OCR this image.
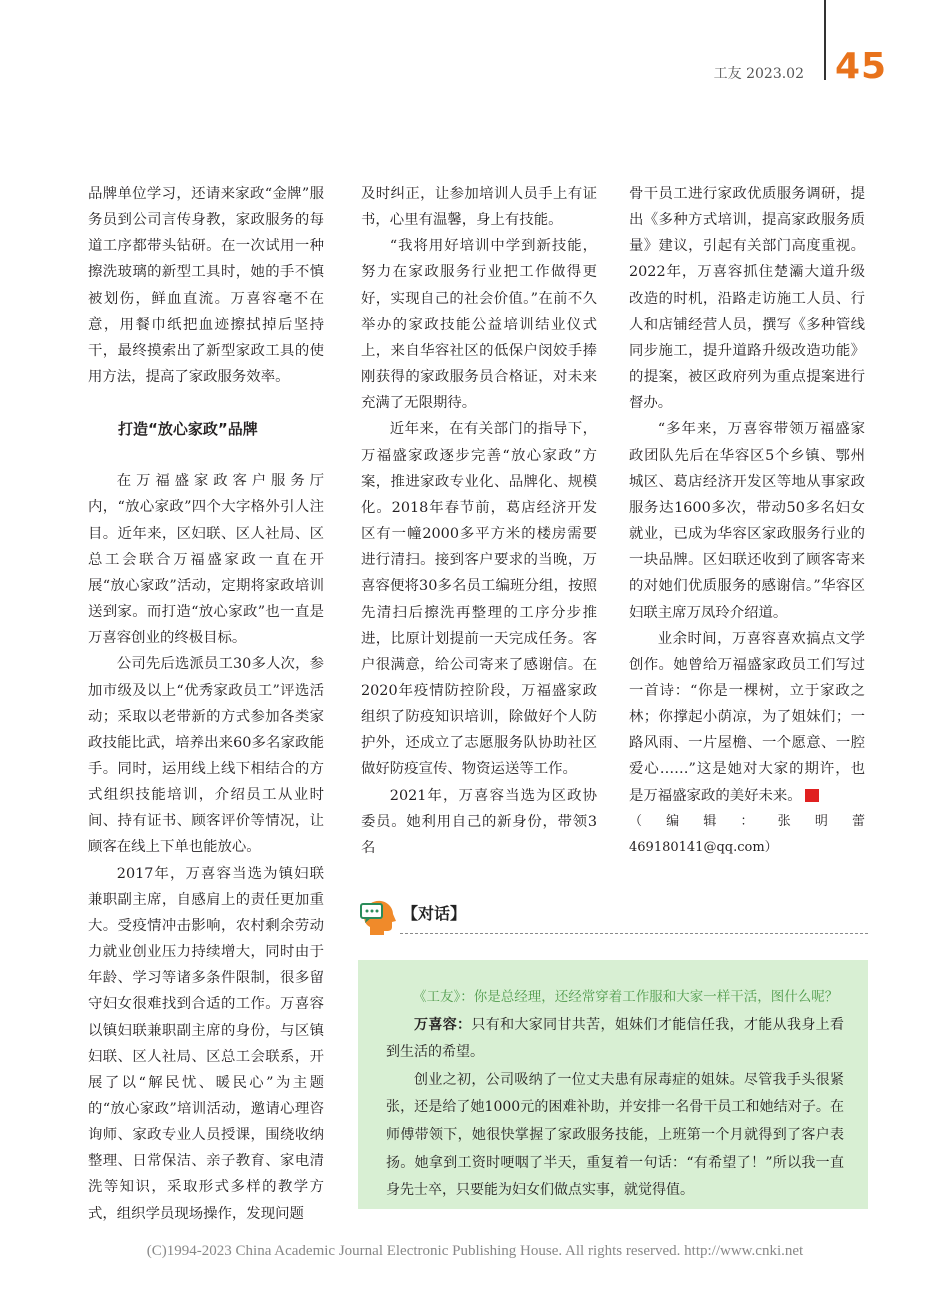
工友 2023.02 45

品牌单位学习，还请来家政“金牌”服务员到公司言传身教，家政服务的每道工序都带头钻研。在一次试用一种擦洗玻璃的新型工具时，她的手不慎被划伤，鲜血直流。万喜容毫不在意，用餐巾纸把血迹擦拭掉后坚持干，最终摸索出了新型家政工具的使用方法，提高了家政服务效率。

打造“放心家政”品牌

在万福盛家政客户服务厅内，“放心家政”四个大字格外引人注目。近年来，区妇联、区人社局、区总工会联合万福盛家政一直在开展“放心家政”活动，定期将家政培训送到家。而打造“放心家政”也一直是万喜容创业的终极目标。

公司先后选派员工30多人次，参加市级及以上“优秀家政员工”评选活动；采取以老带新的方式参加各类家政技能比武，培养出来60多名家政能手。同时，运用线上线下相结合的方式组织技能培训，介绍员工从业时间、持有证书、顾客评价等情况，让顾客在线上下单也能放心。

2017年，万喜容当选为镇妇联兼职副主席，自感肩上的责任更加重大。受疫情冲击影响，农村剩余劳动力就业创业压力持续增大，同时由于年龄、学习等诸多条件限制，很多留守妇女很难找到合适的工作。万喜容以镇妇联兼职副主席的身份，与区镇妇联、区人社局、区总工会联系，开展了以“解民忧、暖民心”为主题的“放心家政”培训活动，邀请心理咨询师、家政专业人员授课，围绕收纳整理、日常保洁、亲子教育、家电清洗等知识，采取形式多样的教学方式，组织学员现场操作，发现问题

及时纠正，让参加培训人员手上有证书，心里有温馨，身上有技能。

“我将用好培训中学到新技能，努力在家政服务行业把工作做得更好，实现自己的社会价值。”在前不久举办的家政技能公益培训结业仪式上，来自华容社区的低保户闵姣手捧刚获得的家政服务员合格证，对未来充满了无限期待。

近年来，在有关部门的指导下，万福盛家政逐步完善“放心家政”方案，推进家政专业化、品牌化、规模化。2018年春节前，葛店经济开发区有一幢2000多平方米的楼房需要进行清扫。接到客户要求的当晚，万喜容便将30多名员工编班分组，按照先清扫后擦洗再整理的工序分步推进，比原计划提前一天完成任务。客户很满意，给公司寄来了感谢信。在2020年疫情防控阶段，万福盛家政组织了防疫知识培训，除做好个人防护外，还成立了志愿服务队协助社区做好防疫宣传、物资运送等工作。

2021年，万喜容当选为区政协委员。她利用自己的新身份，带领3名

骨干员工进行家政优质服务调研，提出《多种方式培训，提高家政服务质量》建议，引起有关部门高度重视。2022年，万喜容抓住楚灞大道升级改造的时机，沿路走访施工人员、行人和店铺经营人员，撰写《多种管线同步施工，提升道路升级改造功能》的提案，被区政府列为重点提案进行督办。

“多年来，万喜容带领万福盛家政团队先后在华容区5个乡镇、鄂州城区、葛店经济开发区等地从事家政服务达1600多次，带动50多名妇女就业，已成为华容区家政服务行业的一块品牌。区妇联还收到了顾客寄来的对她们优质服务的感谢信。”华容区妇联主席万凤玲介绍道。

业余时间，万喜容喜欢搞点文学创作。她曾给万福盛家政员工们写过一首诗：“你是一棵树，立于家政之林；你撑起小荫凉，为了姐妹们；一路风雨、一片屋檐、一个愿意、一腔爱心……”这是她对大家的期许，也是万福盛家政的美好未来。	Z

（编辑：张明蕾 469180141@qq.com）

【对话】

《工友》：你是总经理，还经常穿着工作服和大家一样干活，图什么呢？

万喜容：只有和大家同甘共苦，姐妹们才能信任我，才能从我身上看到生活的希望。

创业之初，公司吸纳了一位丈夫患有尿毒症的姐妹。尽管我手头很紧张，还是给了她1000元的困难补助，并安排一名骨干员工和她结对子。在师傅带领下，她很快掌握了家政服务技能，上班第一个月就得到了客户表扬。她拿到工资时哽咽了半天，重复着一句话：“有希望了！”所以我一直身先士卒，只要能为妇女们做点实事，就觉得值。

(C)1994-2023 China Academic Journal Electronic Publishing House. All rights reserved. http://www.cnki.net
